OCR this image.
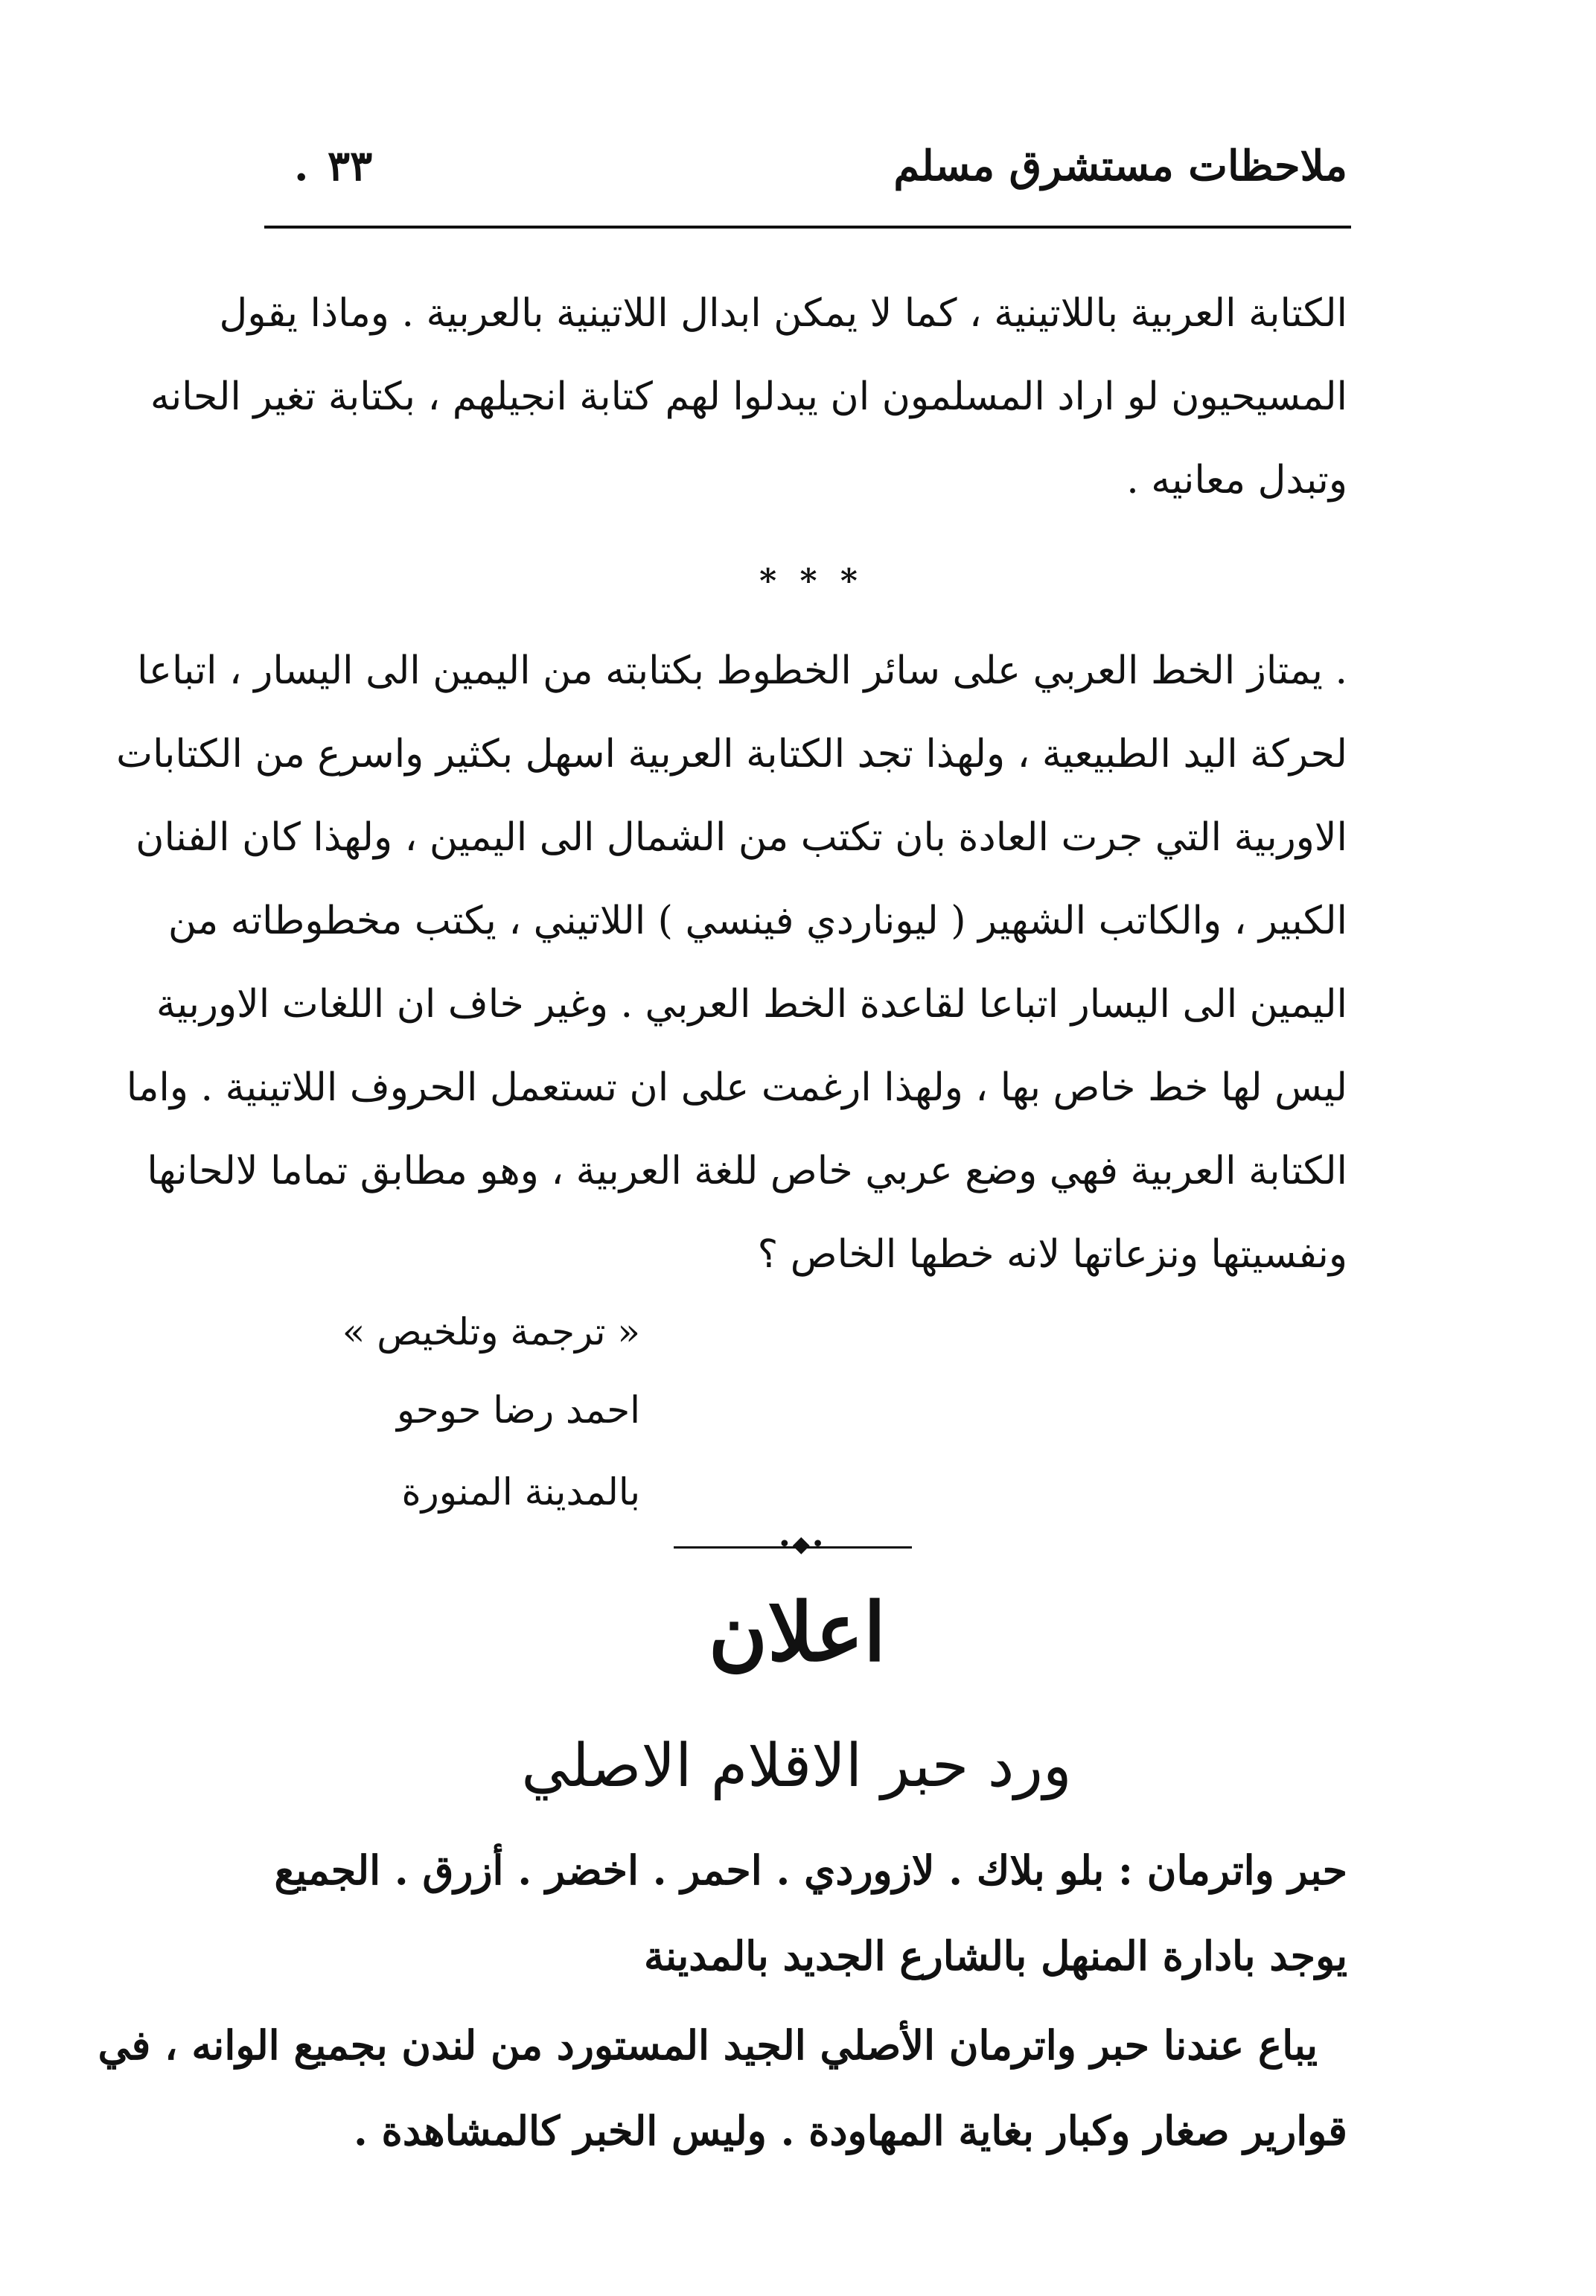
ملاحظات مستشرق مسلم
٣٣
.
الكتابة العربية باللاتينية ، كما لا يمكن ابدال اللاتينية بالعربية . وماذا يقول
المسيحيون لو اراد المسلمون ان يبدلوا لهم كتابة انجيلهم ، بكتابة تغير الحانه
وتبدل معانيه .
* * *
. يمتاز الخط العربي على سائر الخطوط بكتابته من اليمين الى اليسار ، اتباعا
لحركة اليد الطبيعية ، ولهذا تجد الكتابة العربية اسهل بكثير واسرع من الكتابات
الاوربية التي جرت العادة بان تكتب من الشمال الى اليمين ، ولهذا كان الفنان
الكبير ، والكاتب الشهير ( ليوناردي فينسي ) اللاتيني ، يكتب مخطوطاته من
اليمين الى اليسار اتباعا لقاعدة الخط العربي . وغير خاف ان اللغات الاوربية
ليس لها خط خاص بها ، ولهذا ارغمت على ان تستعمل الحروف اللاتينية . واما
الكتابة العربية فهي وضع عربي خاص للغة العربية ، وهو مطابق تماما لالحانها
ونفسيتها ونزعاتها لانه خطها الخاص ؟
« ترجمة وتلخيص »
احمد رضا حوحو
بالمدينة المنورة
•◆•
اعلان
ورد حبر الاقلام الاصلي
حبر واترمان : بلو بلاك . لازوردي . احمر . اخضر . أزرق . الجميع
يوجد بادارة المنهل بالشارع الجديد بالمدينة
يباع عندنا حبر واترمان الأصلي الجيد المستورد من لندن بجميع الوانه ، في
قوارير صغار وكبار بغاية المهاودة . وليس الخبر كالمشاهدة .
